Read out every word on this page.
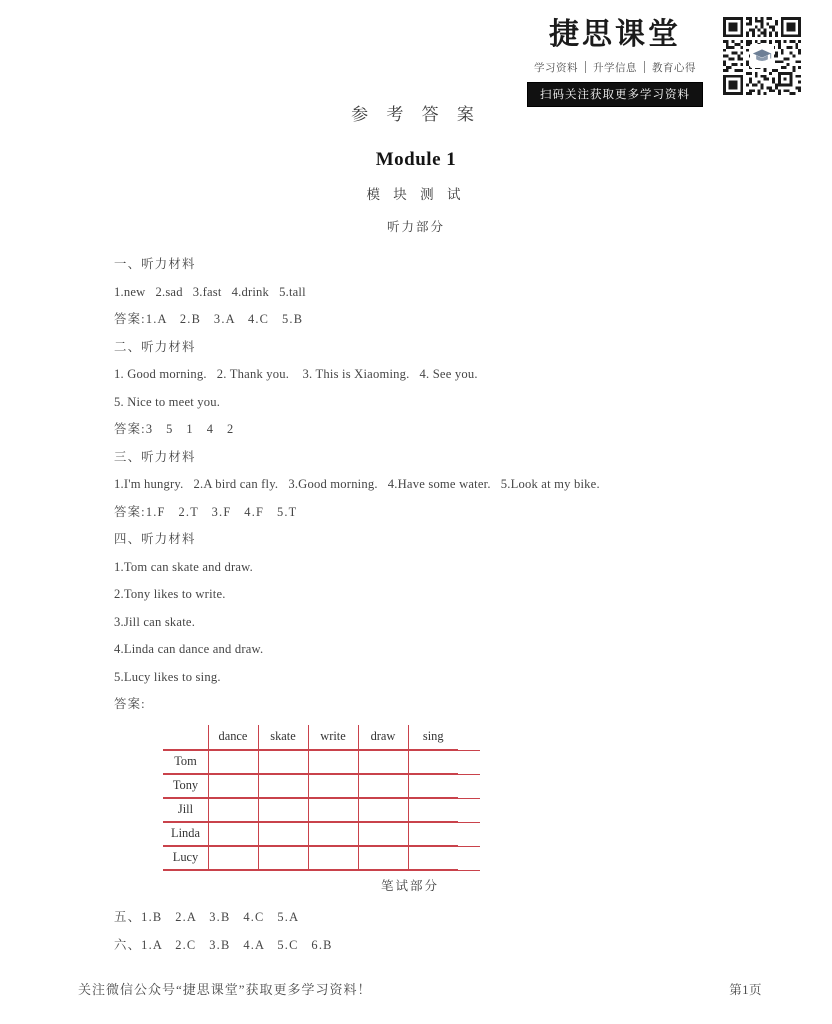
捷思课堂
学习资料	升学信息	教育心得
扫码关注获取更多学习资料
参 考 答 案
Module 1
模 块 测 试
听力部分
一、听力材料
1.new   2.sad   3.fast   4.drink   5.tall
答案:1.A   2.B   3.A   4.C   5.B
二、听力材料
1. Good morning.   2. Thank you.    3. This is Xiaoming.   4. See you.
5. Nice to meet you.
答案:3   5   1   4   2
三、听力材料
1.I'm hungry.   2.A bird can fly.   3.Good morning.   4.Have some water.   5.Look at my bike.
答案:1.F   2.T   3.F   4.F   5.T
四、听力材料
1.Tom can skate and draw.
2.Tony likes to write.
3.Jill can skate.
4.Linda can dance and draw.
5.Lucy likes to sing.
答案:
	dance	skate	write	draw	sing
Tom					
Tony					
Jill					
Linda					
Lucy					
笔试部分
五、1.B   2.A   3.B   4.C   5.A
六、1.A   2.C   3.B   4.A   5.C   6.B
关注微信公众号“捷思课堂”获取更多学习资料！	第1页
